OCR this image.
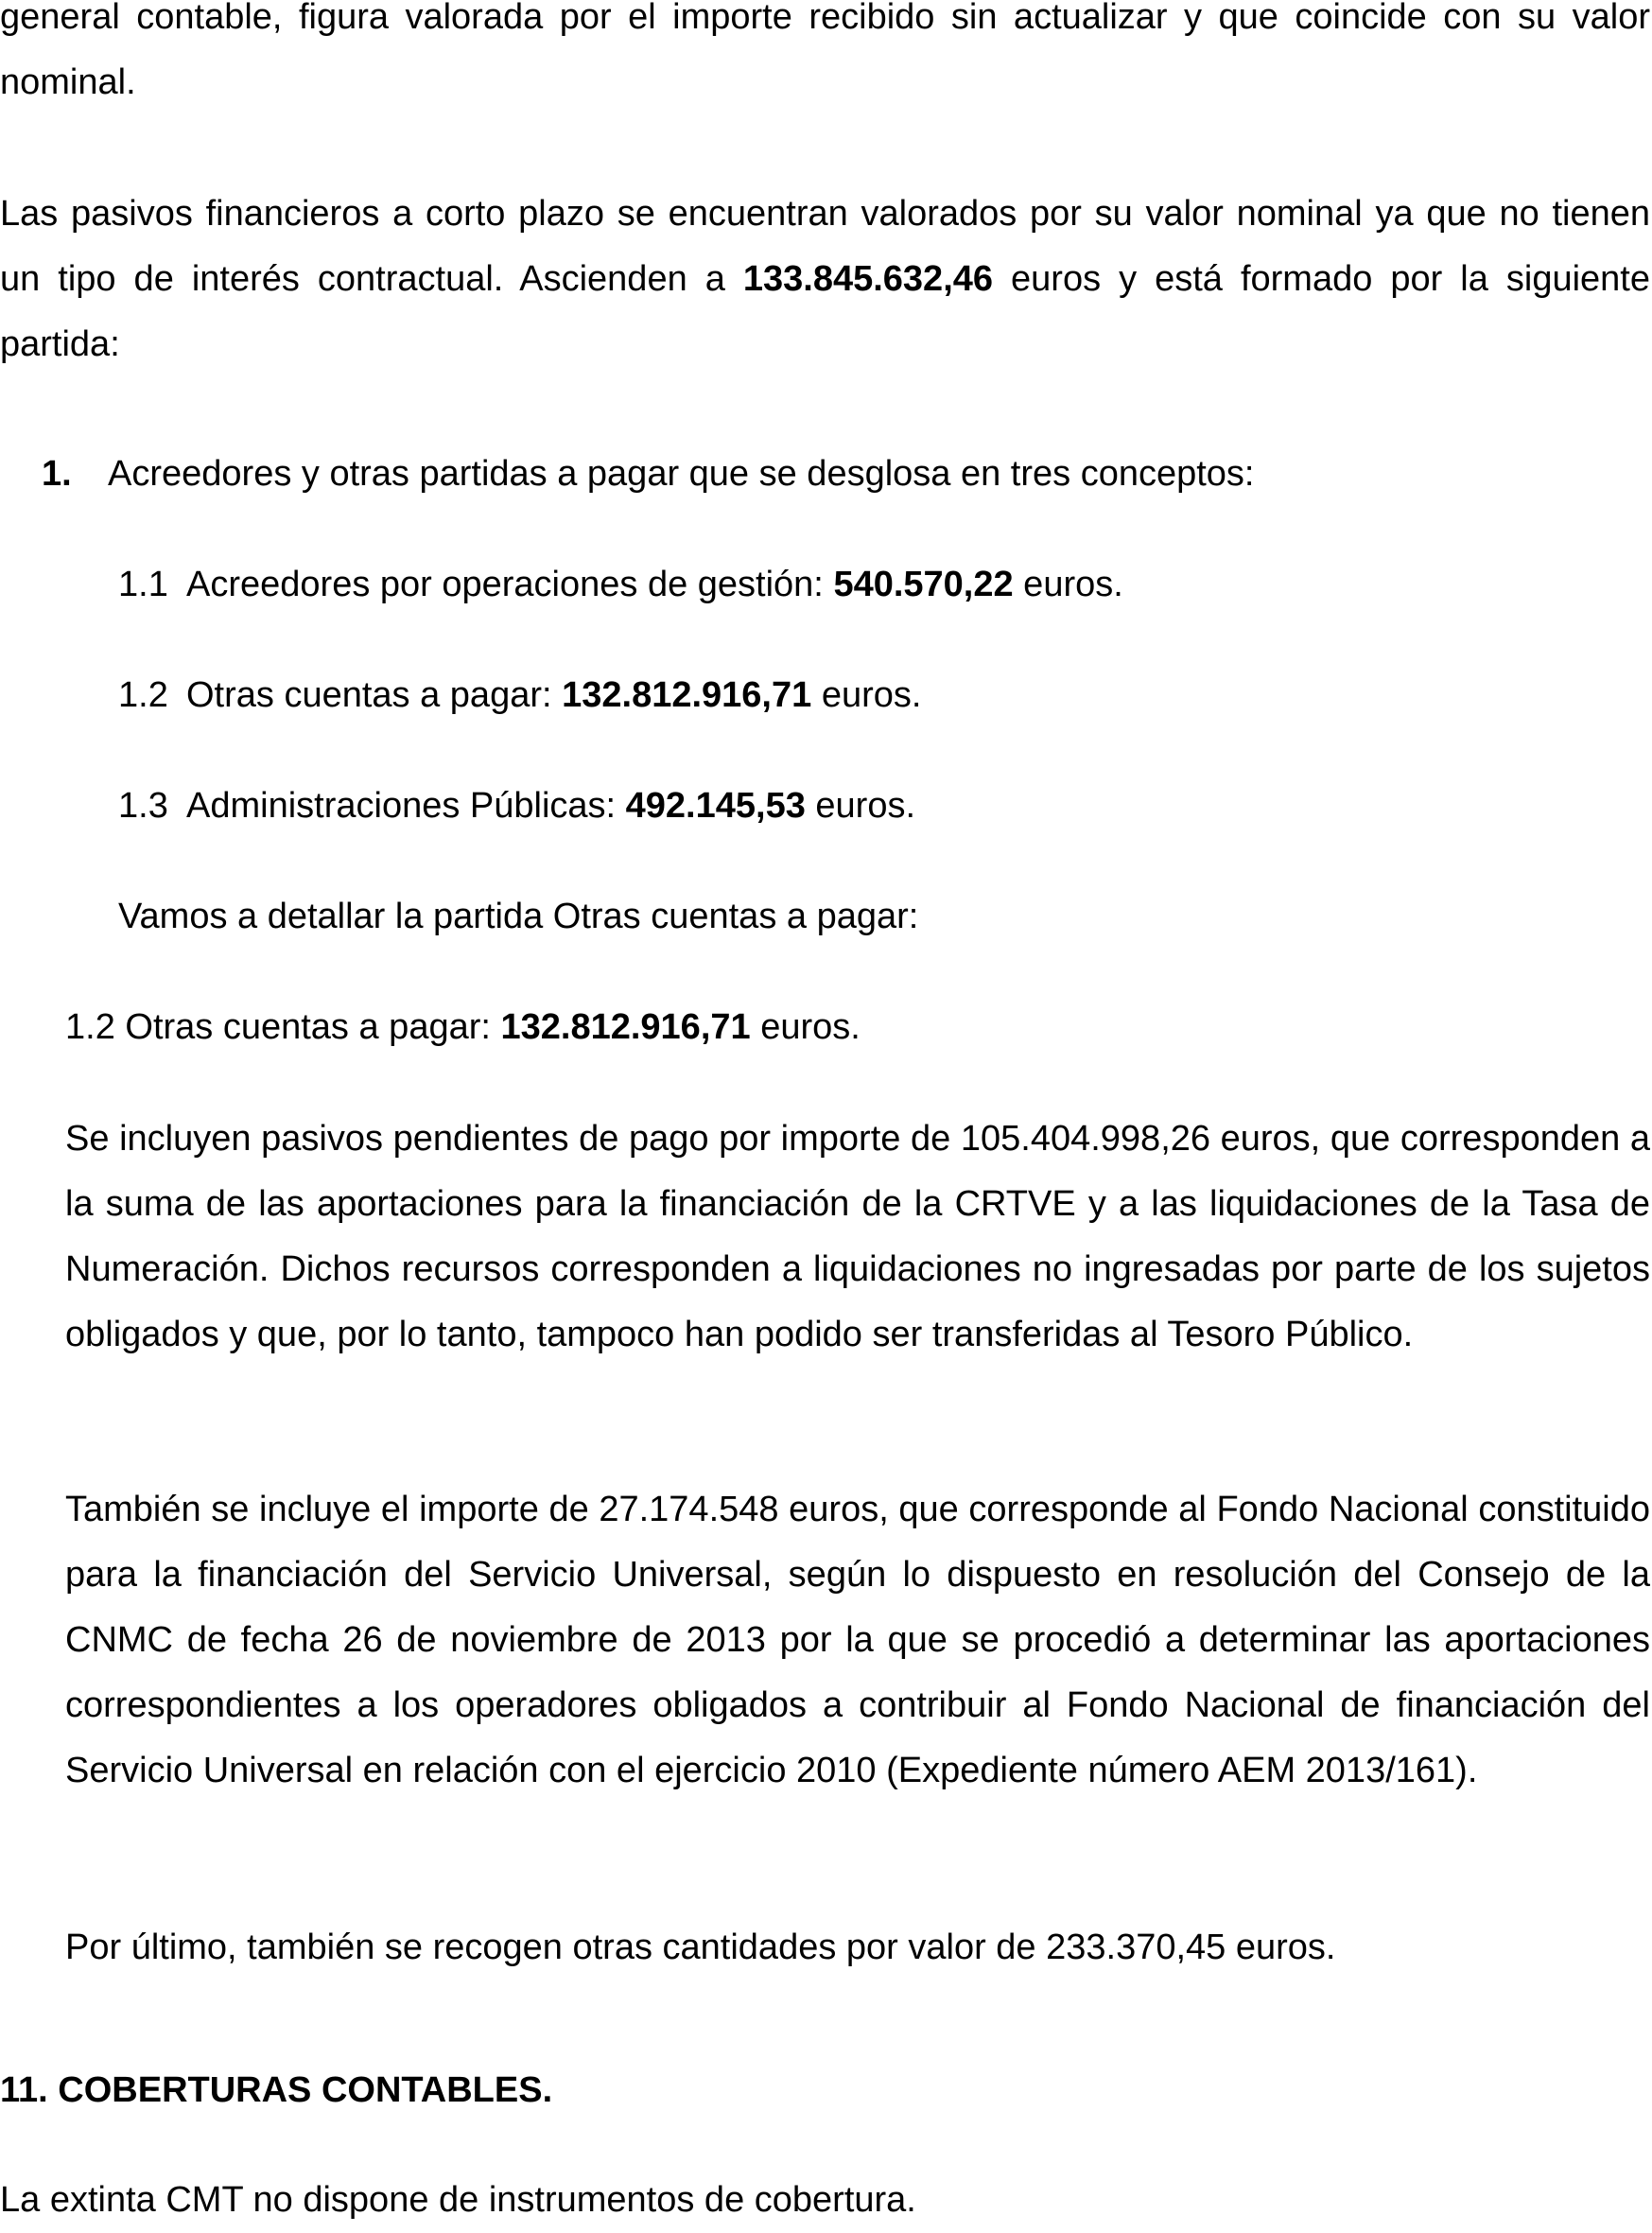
general contable, figura valorada por el importe recibido sin actualizar y que coincide con su valor nominal.

Las pasivos financieros a corto plazo se encuentran valorados por su valor nominal ya que no tienen un tipo de interés contractual. Ascienden a 133.845.632,46 euros y está formado por la siguiente partida:

1. Acreedores y otras partidas a pagar que se desglosa en tres conceptos:
1.1 Acreedores por operaciones de gestión: 540.570,22 euros.
1.2 Otras cuentas a pagar: 132.812.916,71 euros.
1.3 Administraciones Públicas: 492.145,53 euros.
Vamos a detallar la partida Otras cuentas a pagar:
1.2 Otras cuentas a pagar: 132.812.916,71 euros.

Se incluyen pasivos pendientes de pago por importe de 105.404.998,26 euros, que corresponden a la suma de las aportaciones para la financiación de la CRTVE y a las liquidaciones de la Tasa de Numeración. Dichos recursos corresponden a liquidaciones no ingresadas por parte de los sujetos obligados y que, por lo tanto, tampoco han podido ser transferidas al Tesoro Público.

También se incluye el importe de 27.174.548 euros, que corresponde al Fondo Nacional constituido para la financiación del Servicio Universal, según lo dispuesto en resolución del Consejo de la CNMC de fecha 26 de noviembre de 2013 por la que se procedió a determinar las aportaciones correspondientes a los operadores obligados a contribuir al Fondo Nacional de financiación del Servicio Universal en relación con el ejercicio 2010 (Expediente número AEM 2013/161).

Por último, también se recogen otras cantidades por valor de 233.370,45 euros.

11. COBERTURAS CONTABLES.

La extinta CMT no dispone de instrumentos de cobertura.
